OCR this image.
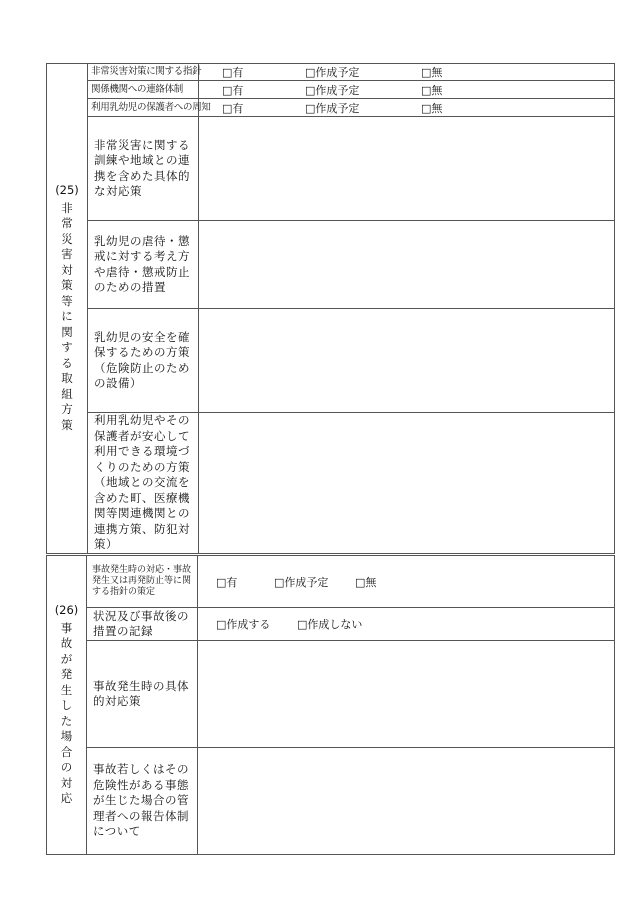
(25)
非常災害対策等に関する取組方策	非常災害対策に関する指針	□有 □作成予定 □無

	関係機関への連絡体制	□有 □作成予定 □無

	利用乳幼児の保護者への周知	□有 □作成予定 □無

	非常災害に関する訓練や地域との連携を含めた具体的な対応策	
	乳幼児の虐待・懲戒に対する考え方や虐待・懲戒防止のための措置	
	乳幼児の安全を確保するための方策（危険防止のための設備）	
	利用乳幼児やその保護者が安心して利用できる環境づくりのための方策（地域との交流を含めた町、医療機関等関連機関との連携方策、防犯対策）	
(26)
事故が発生した場合の対応	事故発生時の対応・事故発生又は再発防止等に関する指針の策定	□有 □作成予定 □無

	状況及び事故後の措置の記録	□作成する □作成しない

	事故発生時の具体的対応策	
	事故若しくはその危険性がある事態が生じた場合の管理者への報告体制について	
